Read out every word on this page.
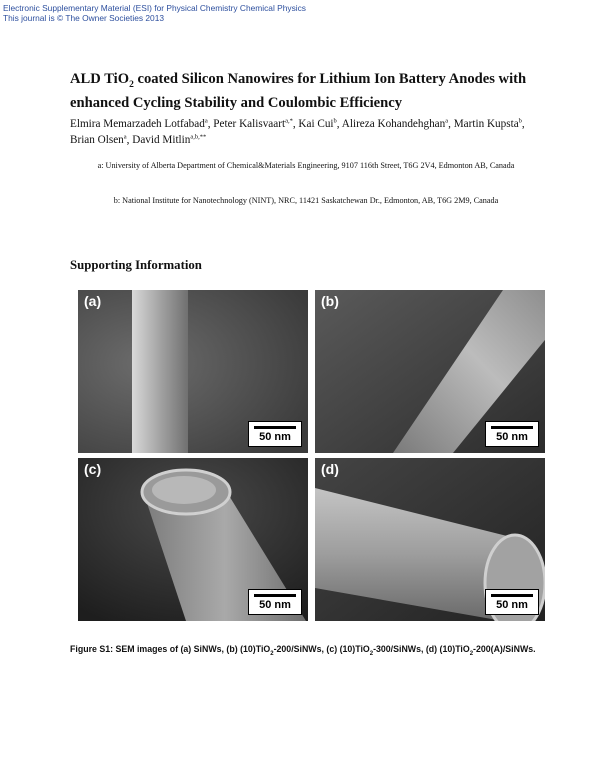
Electronic Supplementary Material (ESI) for Physical Chemistry Chemical Physics
This journal is © The Owner Societies 2013
ALD TiO$_2$ coated Silicon Nanowires for Lithium Ion Battery Anodes with enhanced Cycling Stability and Coulombic Efficiency
Elmira Memarzadeh Lotfabad$^a$, Peter Kalisvaart$^{a,*}$, Kai Cui$^b$, Alireza Kohandehghan$^a$, Martin Kupsta$^b$, Brian Olsen$^a$, David Mitlin$^{a,b,**}$
a: University of Alberta Department of Chemical&Materials Engineering, 9107 116th Street, T6G 2V4, Edmonton AB, Canada
b: National Institute for Nanotechnology (NINT), NRC, 11421 Saskatchewan Dr., Edmonton, AB, T6G 2M9, Canada
Supporting Information
(a)
50 nm
(b)
50 nm
(c)
50 nm
(d)
50 nm
Figure S1: SEM images of (a) SiNWs, (b) (10)TiO$_2$-200/SiNWs, (c) (10)TiO$_2$-300/SiNWs, (d) (10)TiO$_2$-200(A)/SiNWs.
